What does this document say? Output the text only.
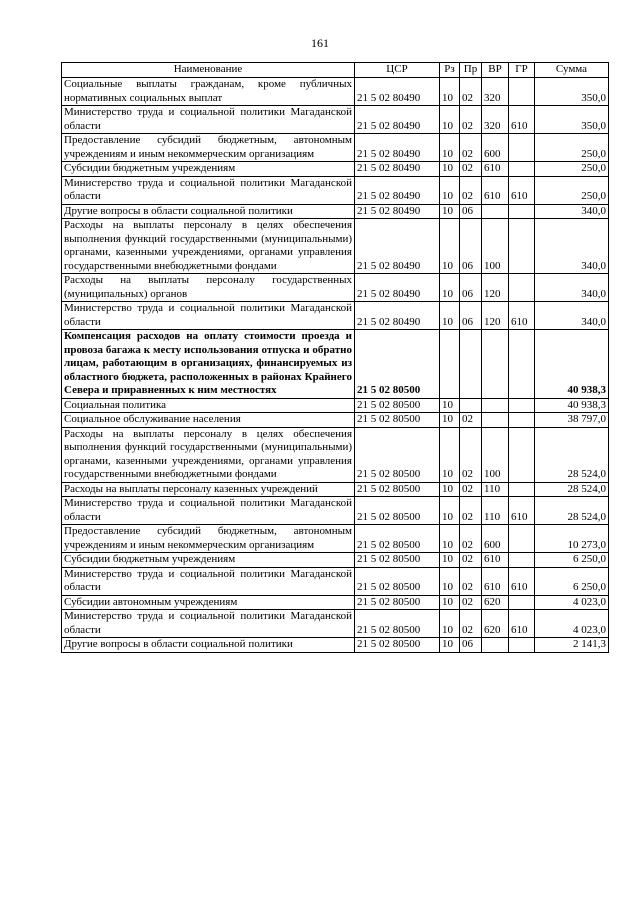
161
Наименование	ЦСР	Рз	Пр	ВР	ГР	Сумма
Социальные выплаты гражданам, кроме публичных нормативных социальных выплат	21 5 02 80490	10	02	320		350,0
Министерство труда и социальной политики Магаданской области	21 5 02 80490	10	02	320	610	350,0
Предоставление субсидий бюджетным, автономным учреждениям и иным некоммерческим организациям	21 5 02 80490	10	02	600		250,0
Субсидии бюджетным учреждениям	21 5 02 80490	10	02	610		250,0
Министерство труда и социальной политики Магаданской области	21 5 02 80490	10	02	610	610	250,0
Другие вопросы в области социальной политики	21 5 02 80490	10	06			340,0
Расходы на выплаты персоналу в целях обеспечения выполнения функций государственными (муниципальными) органами, казенными учреждениями, органами управления государственными внебюджетными фондами	21 5 02 80490	10	06	100		340,0
Расходы на выплаты персоналу государственных (муниципальных) органов	21 5 02 80490	10	06	120		340,0
Министерство труда и социальной политики Магаданской области	21 5 02 80490	10	06	120	610	340,0
Компенсация расходов на оплату стоимости проезда и провоза багажа к месту использования отпуска и обратно лицам, работающим в организациях, финансируемых из областного бюджета, расположенных в районах Крайнего Севера и приравненных к ним местностях	21 5 02 80500					40 938,3
Социальная политика	21 5 02 80500	10				40 938,3
Социальное обслуживание населения	21 5 02 80500	10	02			38 797,0
Расходы на выплаты персоналу в целях обеспечения выполнения функций государственными (муниципальными) органами, казенными учреждениями, органами управления государственными внебюджетными фондами	21 5 02 80500	10	02	100		28 524,0
Расходы на выплаты персоналу казенных учреждений	21 5 02 80500	10	02	110		28 524,0
Министерство труда и социальной политики Магаданской области	21 5 02 80500	10	02	110	610	28 524,0
Предоставление субсидий бюджетным, автономным учреждениям и иным некоммерческим организациям	21 5 02 80500	10	02	600		10 273,0
Субсидии бюджетным учреждениям	21 5 02 80500	10	02	610		6 250,0
Министерство труда и социальной политики Магаданской области	21 5 02 80500	10	02	610	610	6 250,0
Субсидии автономным учреждениям	21 5 02 80500	10	02	620		4 023,0
Министерство труда и социальной политики Магаданской области	21 5 02 80500	10	02	620	610	4 023,0
Другие вопросы в области социальной политики	21 5 02 80500	10	06			2 141,3
